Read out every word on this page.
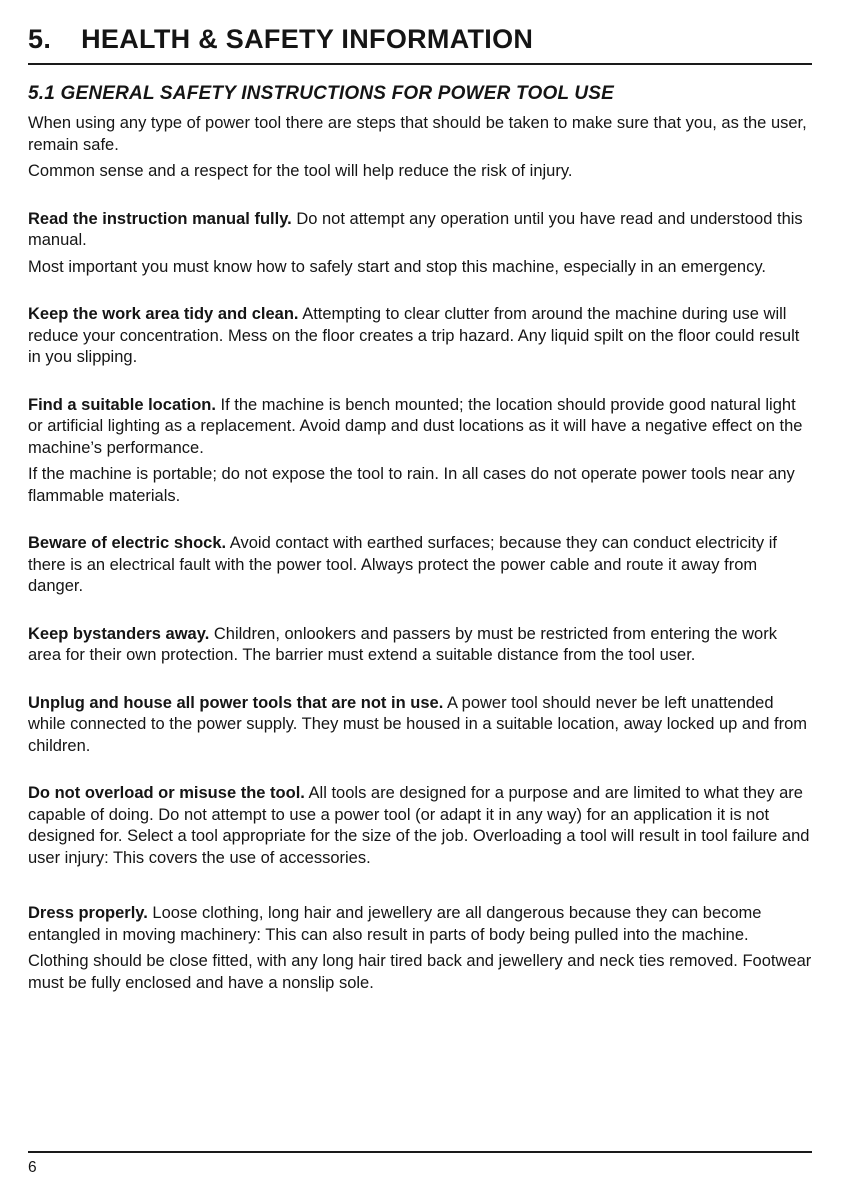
5. HEALTH & SAFETY INFORMATION
5.1 GENERAL SAFETY INSTRUCTIONS FOR POWER TOOL USE

When using any type of power tool there are steps that should be taken to make sure that you, as the user, remain safe.

Common sense and a respect for the tool will help reduce the risk of injury.

Read the instruction manual fully. Do not attempt any operation until you have read and understood this manual.

Most important you must know how to safely start and stop this machine, especially in an emergency.

Keep the work area tidy and clean. Attempting to clear clutter from around the machine during use will reduce your concentration. Mess on the floor creates a trip hazard. Any liquid spilt on the floor could result in you slipping.

Find a suitable location. If the machine is bench mounted; the location should provide good natural light or artificial lighting as a replacement. Avoid damp and dust locations as it will have a negative effect on the machine’s performance.

If the machine is portable; do not expose the tool to rain. In all cases do not operate power tools near any flammable materials.

Beware of electric shock. Avoid contact with earthed surfaces; because they can conduct electricity if there is an electrical fault with the power tool. Always protect the power cable and route it away from danger.

Keep bystanders away. Children, onlookers and passers by must be restricted from entering the work area for their own protection. The barrier must extend a suitable distance from the tool user.

Unplug and house all power tools that are not in use. A power tool should never be left unattended while connected to the power supply. They must be housed in a suitable location, away locked up and from children.

Do not overload or misuse the tool. All tools are designed for a purpose and are limited to what they are capable of doing. Do not attempt to use a power tool (or adapt it in any way) for an application it is not designed for. Select a tool appropriate for the size of the job. Overloading a tool will result in tool failure and user injury: This covers the use of accessories.

Dress properly. Loose clothing, long hair and jewellery are all dangerous because they can become entangled in moving machinery: This can also result in parts of body being pulled into the machine.

Clothing should be close fitted, with any long hair tired back and jewellery and neck ties removed. Footwear must be fully enclosed and have a nonslip sole.

6
